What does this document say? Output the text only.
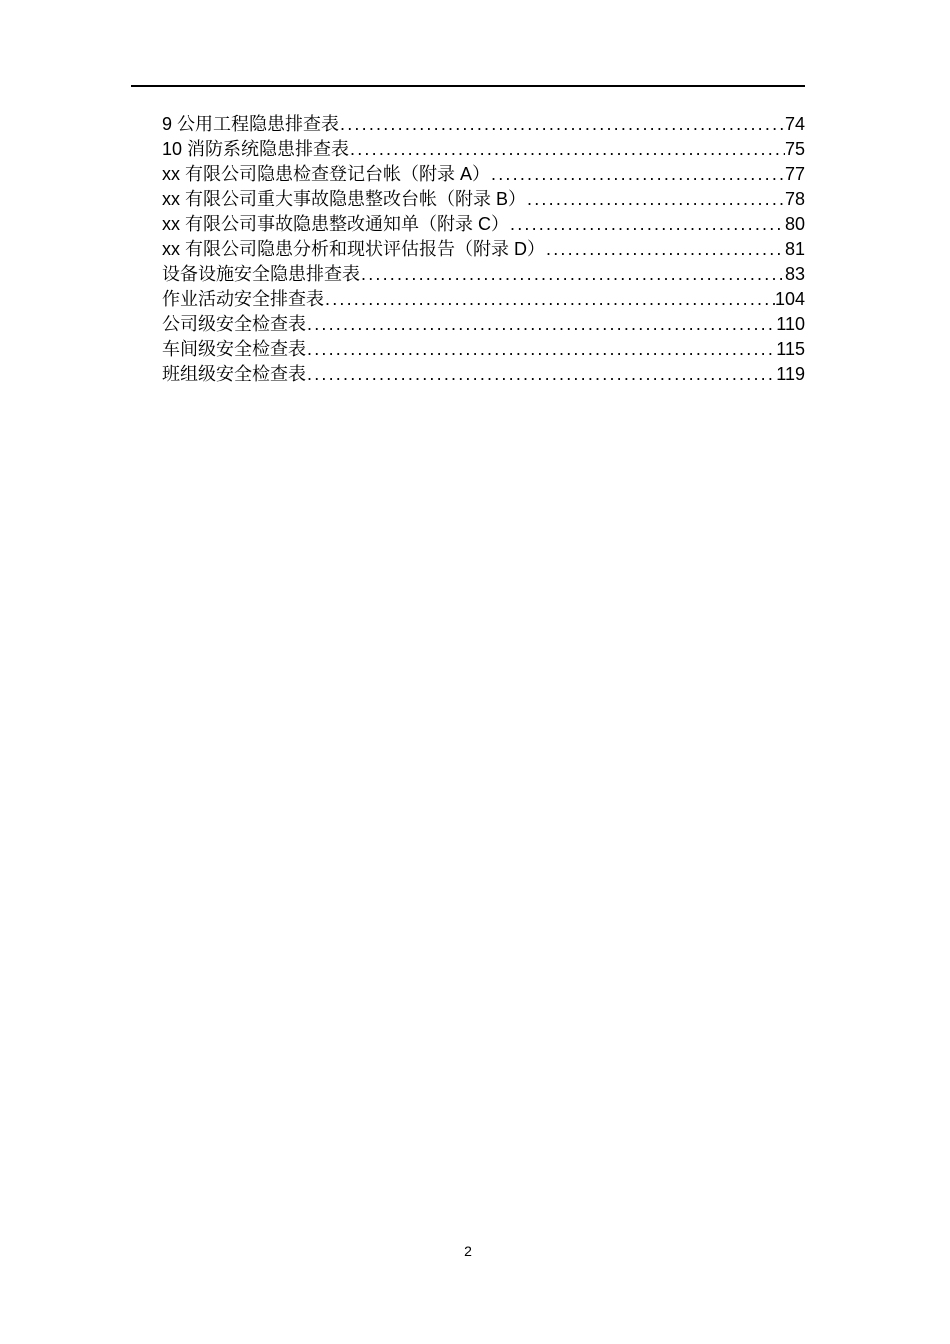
9 公用工程隐患排查表 .....	74
10 消防系统隐患排查表 .....	75
xx 有限公司隐患检查登记台帐（附录 A） .....	77
xx 有限公司重大事故隐患整改台帐（附录 B） .....	78
xx 有限公司事故隐患整改通知单（附录 C） .....	80
xx 有限公司隐患分析和现状评估报告（附录 D） .....	81
设备设施安全隐患排查表 .....	83
作业活动安全排查表 .....	104
公司级安全检查表 .....	110
车间级安全检查表 .....	115
班组级安全检查表 .....	119
2
